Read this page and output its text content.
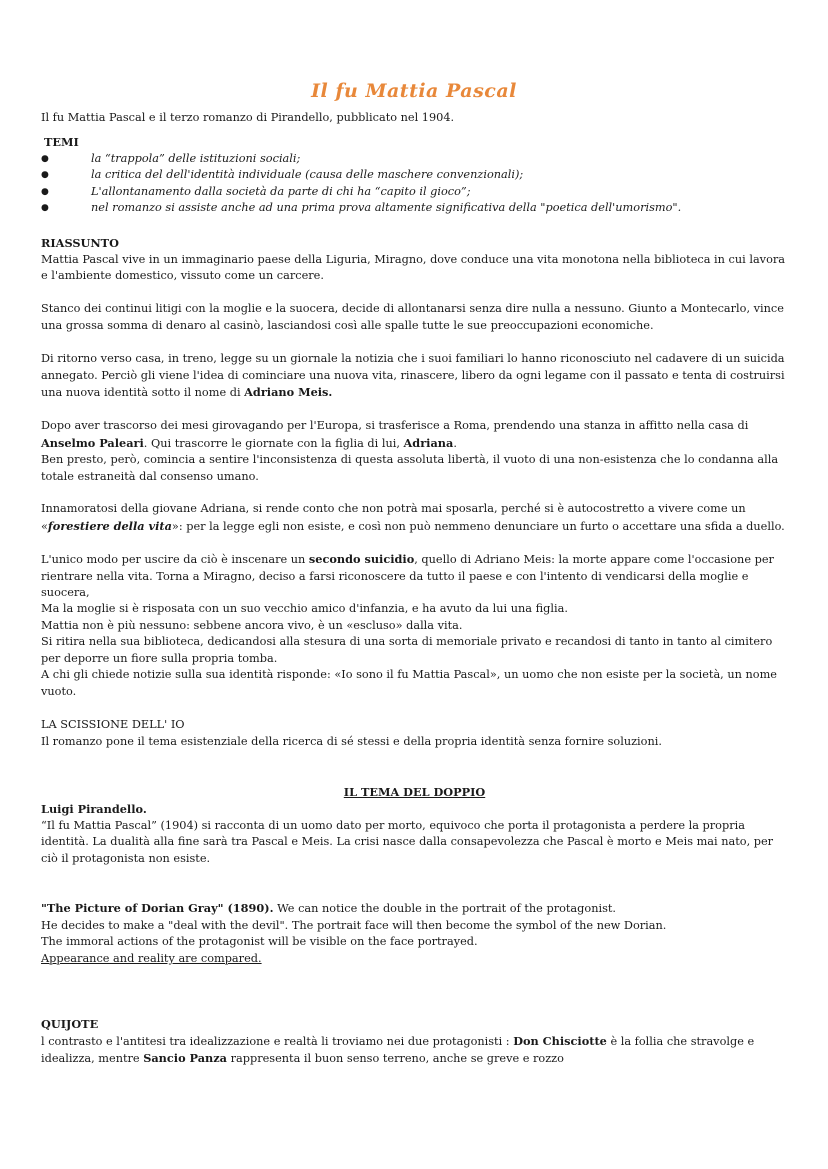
Il fu Mattia Pascal
Il fu Mattia Pascal e il terzo romanzo di Pirandello, pubblicato nel 1904.
TEMI
● la “trappola” delle istituzioni sociali;
● la critica del dell'identità individuale (causa delle maschere convenzionali);
● L'allontanamento dalla società da parte di chi ha “capito il gioco”;
● nel romanzo si assiste anche ad una prima prova altamente significativa della "poetica dell'umorismo".
RIASSUNTO

Mattia Pascal vive in un immaginario paese della Liguria, Miragno, dove conduce una vita monotona nella biblioteca in cui lavora e l'ambiente domestico, vissuto come un carcere.

Stanco dei continui litigi con la moglie e la suocera, decide di allontanarsi senza dire nulla a nessuno. Giunto a Montecarlo, vince una grossa somma di denaro al casinò, lasciandosi così alle spalle tutte le sue preoccupazioni economiche.

Di ritorno verso casa, in treno, legge su un giornale la notizia che i suoi familiari lo hanno riconosciuto nel cadavere di un suicida annegato. Perciò gli viene l'idea di cominciare una nuova vita, rinascere, libero da ogni legame con il passato e tenta di costruirsi una nuova identità sotto il nome di Adriano Meis.

Dopo aver trascorso dei mesi girovagando per l'Europa, si trasferisce a Roma, prendendo una stanza in affitto nella casa di Anselmo Paleari. Qui trascorre le giornate con la figlia di lui, Adriana.

Ben presto, però, comincia a sentire l'inconsistenza di questa assoluta libertà, il vuoto di una non-esistenza che lo condanna alla totale estraneità dal consenso umano.

Innamoratosi della giovane Adriana, si rende conto che non potrà mai sposarla, perché si è autocostretto a vivere come un «forestiere della vita»: per la legge egli non esiste, e così non può nemmeno denunciare un furto o accettare una sfida a duello.

L'unico modo per uscire da ciò è inscenare un secondo suicidio, quello di Adriano Meis: la morte appare come l'occasione per rientrare nella vita. Torna a Miragno, deciso a farsi riconoscere da tutto il paese e con l'intento di vendicarsi della moglie e suocera,

Ma la moglie si è risposata con un suo vecchio amico d'infanzia, e ha avuto da lui una figlia.

Mattia non è più nessuno: sebbene ancora vivo, è un «escluso» dalla vita.

Si ritira nella sua biblioteca, dedicandosi alla stesura di una sorta di memoriale privato e recandosi di tanto in tanto al cimitero per deporre un fiore sulla propria tomba.

A chi gli chiede notizie sulla sua identità risponde: «Io sono il fu Mattia Pascal», un uomo che non esiste per la società, un nome vuoto.

LA SCISSIONE DELL' IO

Il romanzo pone il tema esistenziale della ricerca di sé stessi e della propria identità senza fornire soluzioni.

IL TEMA DEL DOPPIO
Luigi Pirandello.

“Il fu Mattia Pascal” (1904) si racconta di un uomo dato per morto, equivoco che porta il protagonista a perdere la propria identità. La dualità alla fine sarà tra Pascal e Meis. La crisi nasce dalla consapevolezza che Pascal è morto e Meis mai nato, per ciò il protagonista non esiste.

"The Picture of Dorian Gray" (1890). We can notice the double in the portrait of the protagonist.

He decides to make a "deal with the devil". The portrait face will then become the symbol of the new Dorian.

The immoral actions of the protagonist will be visible on the face portrayed.

Appearance and reality are compared.

QUIJOTE

l contrasto e l'antitesi tra idealizzazione e realtà li troviamo nei due protagonisti : Don Chisciotte è la follia che stravolge e idealizza, mentre Sancio Panza rappresenta il buon senso terreno, anche se greve e rozzo
